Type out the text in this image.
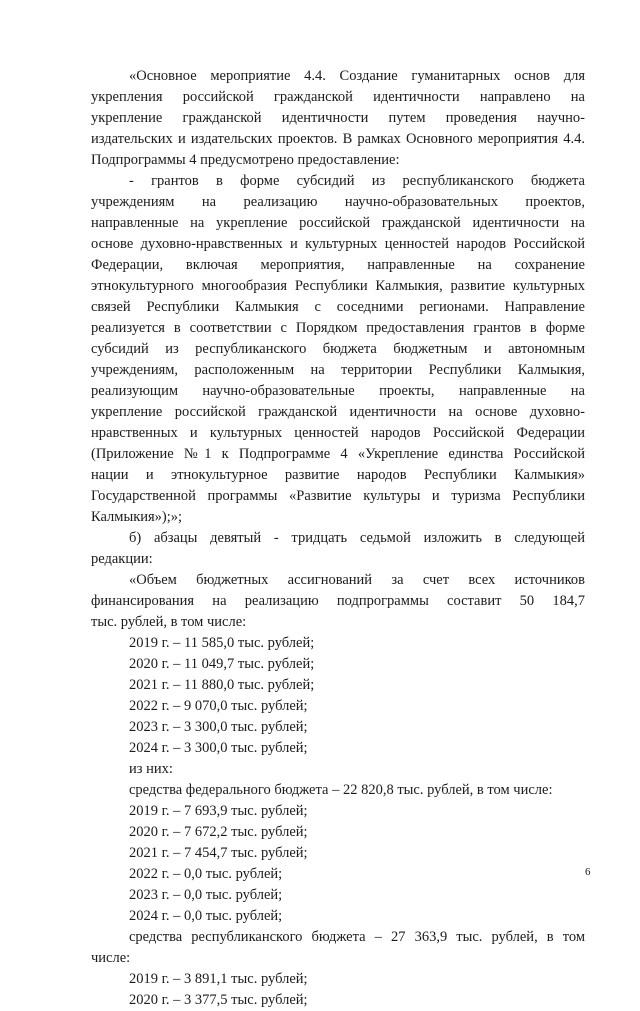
«Основное мероприятие 4.4. Создание гуманитарных основ для

укрепления российской гражданской идентичности направлено на

укрепление гражданской идентичности путем проведения научно-

издательских и издательских проектов. В рамках Основного мероприятия 4.4.

Подпрограммы 4 предусмотрено предоставление:

- грантов в форме субсидий из республиканского бюджета

учреждениям на реализацию научно-образовательных проектов,

направленные на укрепление российской гражданской идентичности на

основе духовно-нравственных и культурных ценностей народов Российской

Федерации, включая мероприятия, направленные на сохранение

этнокультурного многообразия Республики Калмыкия, развитие культурных

связей Республики Калмыкия с соседними регионами. Направление

реализуется в соответствии с Порядком предоставления грантов в форме

субсидий из республиканского бюджета бюджетным и автономным

учреждениям, расположенным на территории Республики Калмыкия,

реализующим научно-образовательные проекты, направленные на

укрепление российской гражданской идентичности на основе духовно-

нравственных и культурных ценностей народов Российской Федерации

(Приложение №1 к Подпрограмме 4 «Укрепление единства Российской

нации и этнокультурное развитие народов Республики Калмыкия»

Государственной программы «Развитие культуры и туризма Республики

Калмыкия»);»;

б) абзацы девятый - тридцать седьмой изложить в следующей

редакции:

«Объем бюджетных ассигнований за счет всех источников

финансирования на реализацию подпрограммы составит 50 184,7

тыс. рублей, в том числе:

2019 г. – 11 585,0 тыс. рублей;

2020 г. – 11 049,7 тыс. рублей;

2021 г. – 11 880,0 тыс. рублей;

2022 г. – 9 070,0 тыс. рублей;

2023 г. – 3 300,0 тыс. рублей;

2024 г. – 3 300,0 тыс. рублей;

из них:

средства федерального бюджета – 22 820,8 тыс. рублей, в том числе:

2019 г. – 7 693,9 тыс. рублей;

2020 г. – 7 672,2 тыс. рублей;

2021 г. – 7 454,7 тыс. рублей;

2022 г. – 0,0 тыс. рублей;

2023 г. – 0,0 тыс. рублей;

2024 г. – 0,0 тыс. рублей;

средства республиканского бюджета – 27 363,9 тыс. рублей, в том

числе:

2019 г. – 3 891,1 тыс. рублей;

2020 г. – 3 377,5 тыс. рублей;

6
